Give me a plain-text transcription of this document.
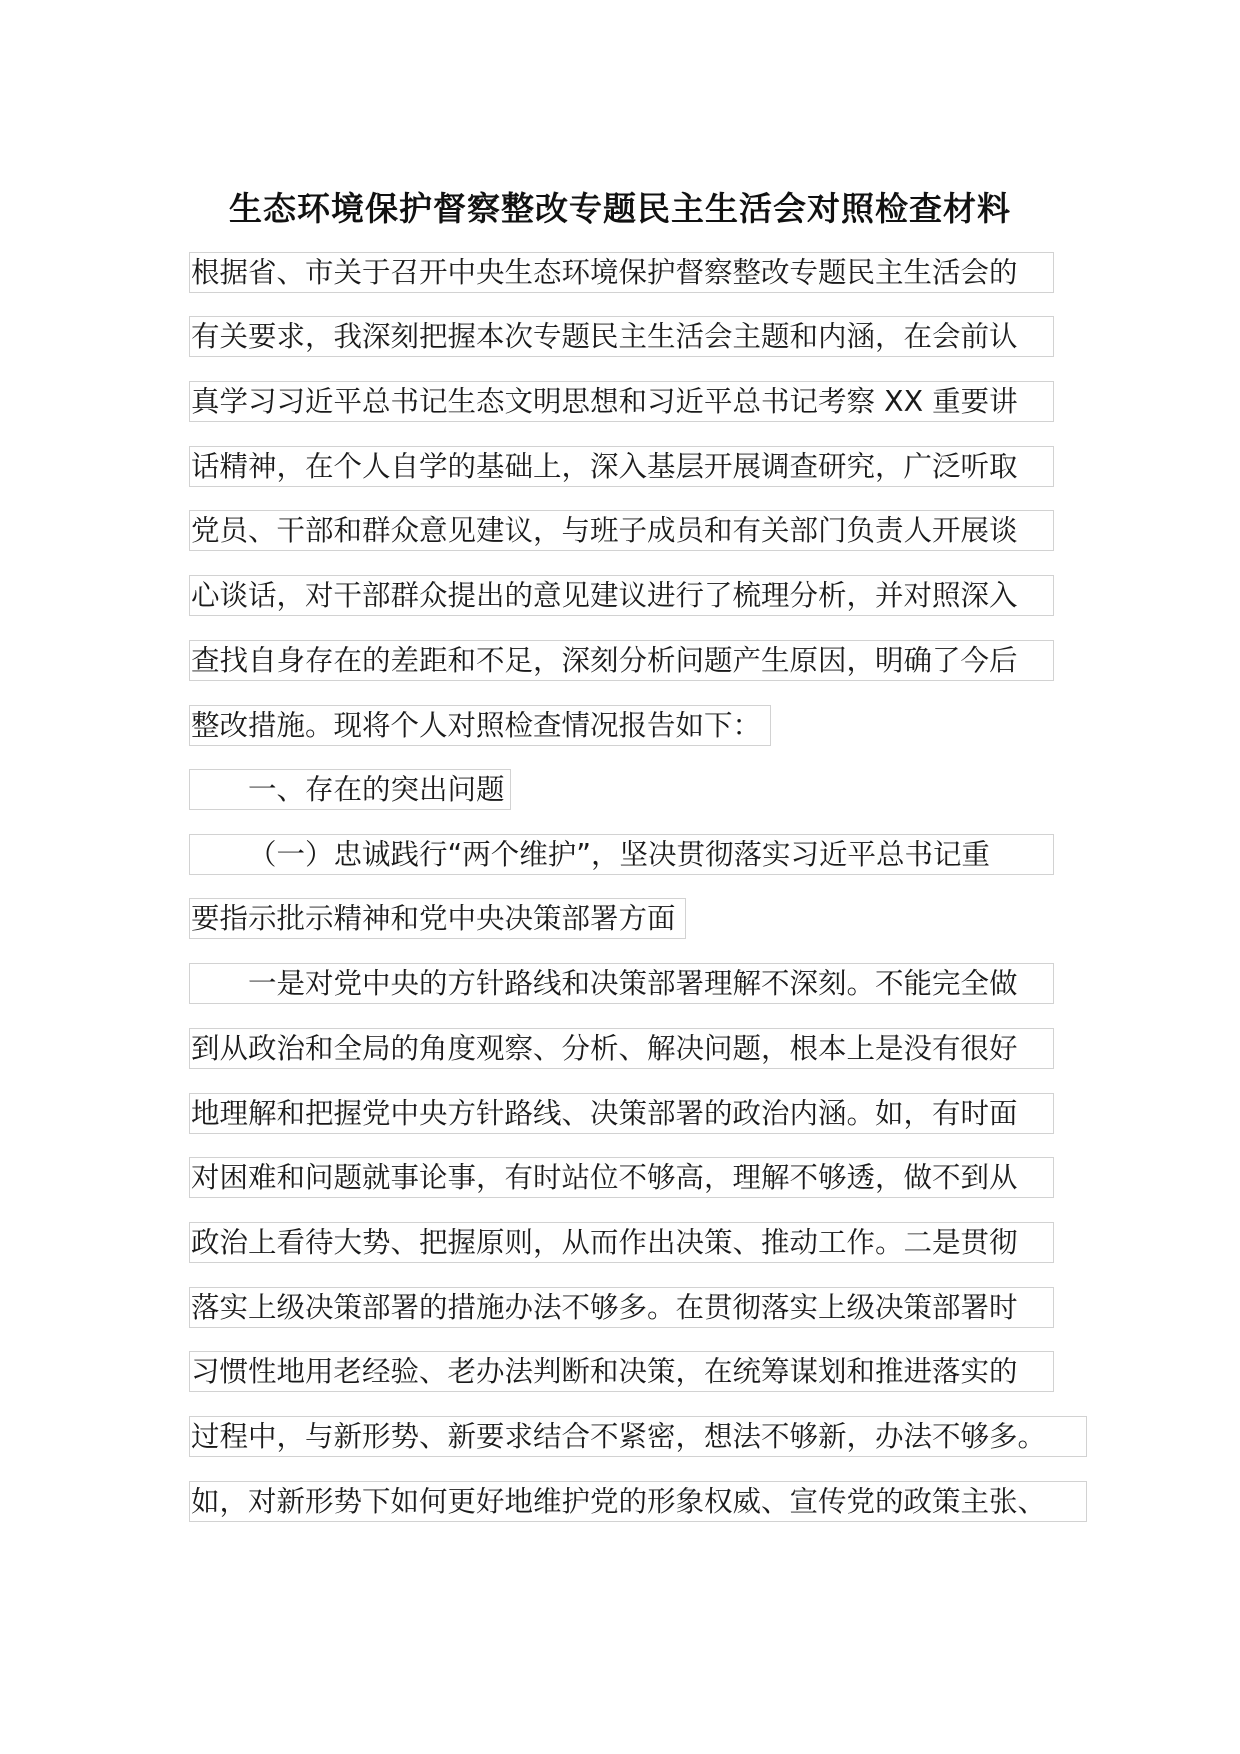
生态环境保护督察整改专题民主生活会对照检查材料
根据省、市关于召开中央生态环境保护督察整改专题民主生活会的
有关要求，我深刻把握本次专题民主生活会主题和内涵，在会前认
真学习习近平总书记生态文明思想和习近平总书记考察 XX 重要讲
话精神，在个人自学的基础上，深入基层开展调查研究，广泛听取
党员、干部和群众意见建议，与班子成员和有关部门负责人开展谈
心谈话，对干部群众提出的意见建议进行了梳理分析，并对照深入
查找自身存在的差距和不足，深刻分析问题产生原因，明确了今后
整改措施。现将个人对照检查情况报告如下：
一、存在的突出问题
（一）忠诚践行“两个维护”，坚决贯彻落实习近平总书记重
要指示批示精神和党中央决策部署方面
一是对党中央的方针路线和决策部署理解不深刻。不能完全做
到从政治和全局的角度观察、分析、解决问题，根本上是没有很好
地理解和把握党中央方针路线、决策部署的政治内涵。如，有时面
对困难和问题就事论事，有时站位不够高，理解不够透，做不到从
政治上看待大势、把握原则，从而作出决策、推动工作。二是贯彻
落实上级决策部署的措施办法不够多。在贯彻落实上级决策部署时
习惯性地用老经验、老办法判断和决策，在统筹谋划和推进落实的
过程中，与新形势、新要求结合不紧密，想法不够新，办法不够多。
如，对新形势下如何更好地维护党的形象权威、宣传党的政策主张、
